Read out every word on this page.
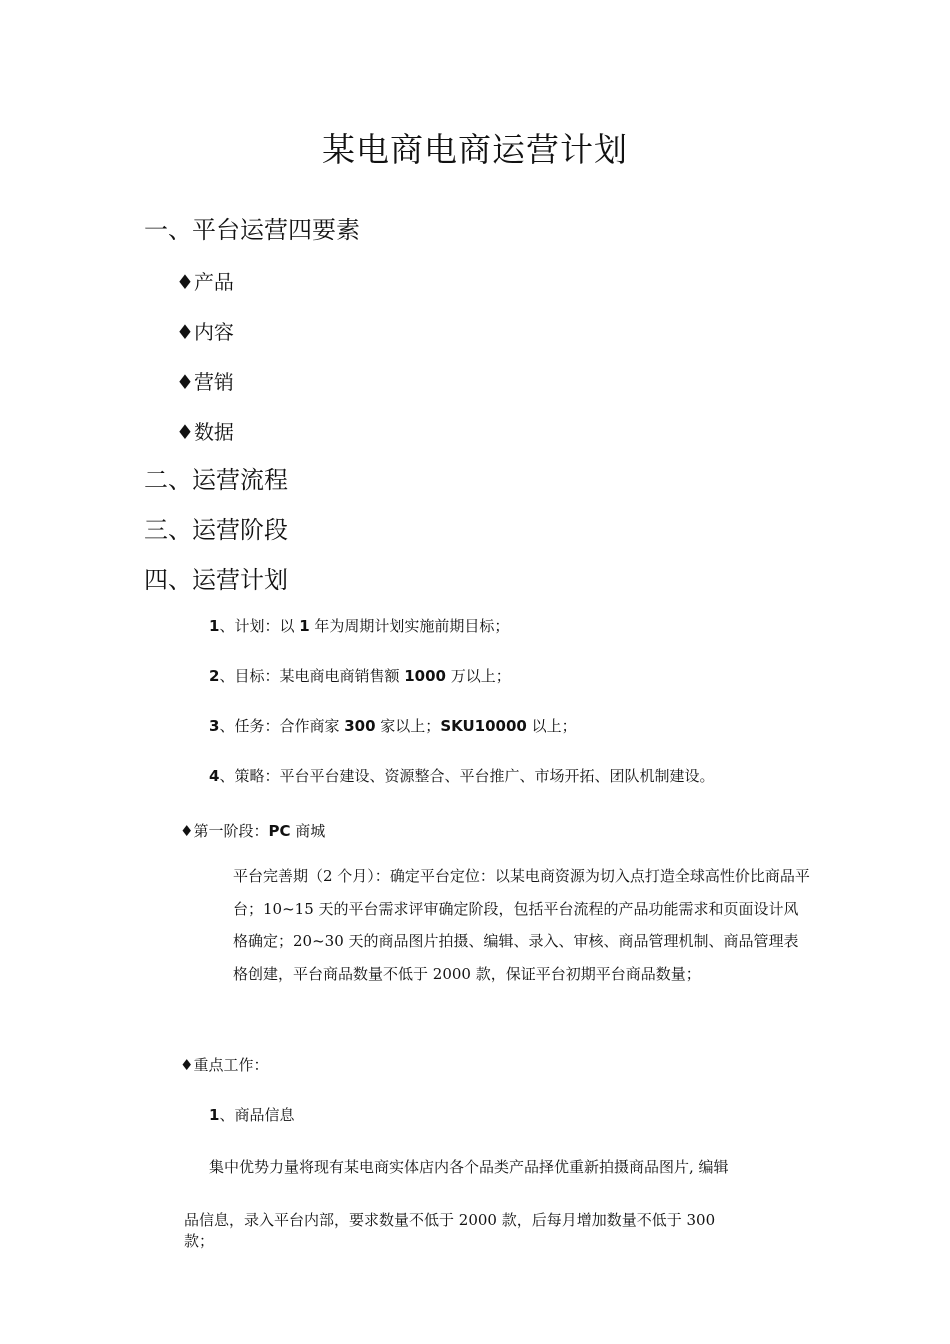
某电商电商运营计划
一、平台运营四要素
♦产品
♦内容
♦营销
♦数据
二、运营流程
三、运营阶段
四、运营计划
1、计划：以 1 年为周期计划实施前期目标；
2、目标：某电商电商销售额 1000 万以上；
3、任务：合作商家 300 家以上；SKU10000 以上；
4、策略：平台平台建设、资源整合、平台推广、市场开拓、团队机制建设。
♦第一阶段：PC 商城
平台完善期（2 个月）：确定平台定位：以某电商资源为切入点打造全球高性价比商品平台；10~15 天的平台需求评审确定阶段，包括平台流程的产品功能需求和页面设计风格确定；20~30 天的商品图片拍摄、编辑、录入、审核、商品管理机制、商品管理表格创建，平台商品数量不低于 2000 款，保证平台初期平台商品数量；
♦重点工作：
1、商品信息
集中优势力量将现有某电商实体店内各个品类产品择优重新拍摄商品图片, 编辑
品信息，录入平台内部，要求数量不低于 2000 款，后每月增加数量不低于 300
款；
